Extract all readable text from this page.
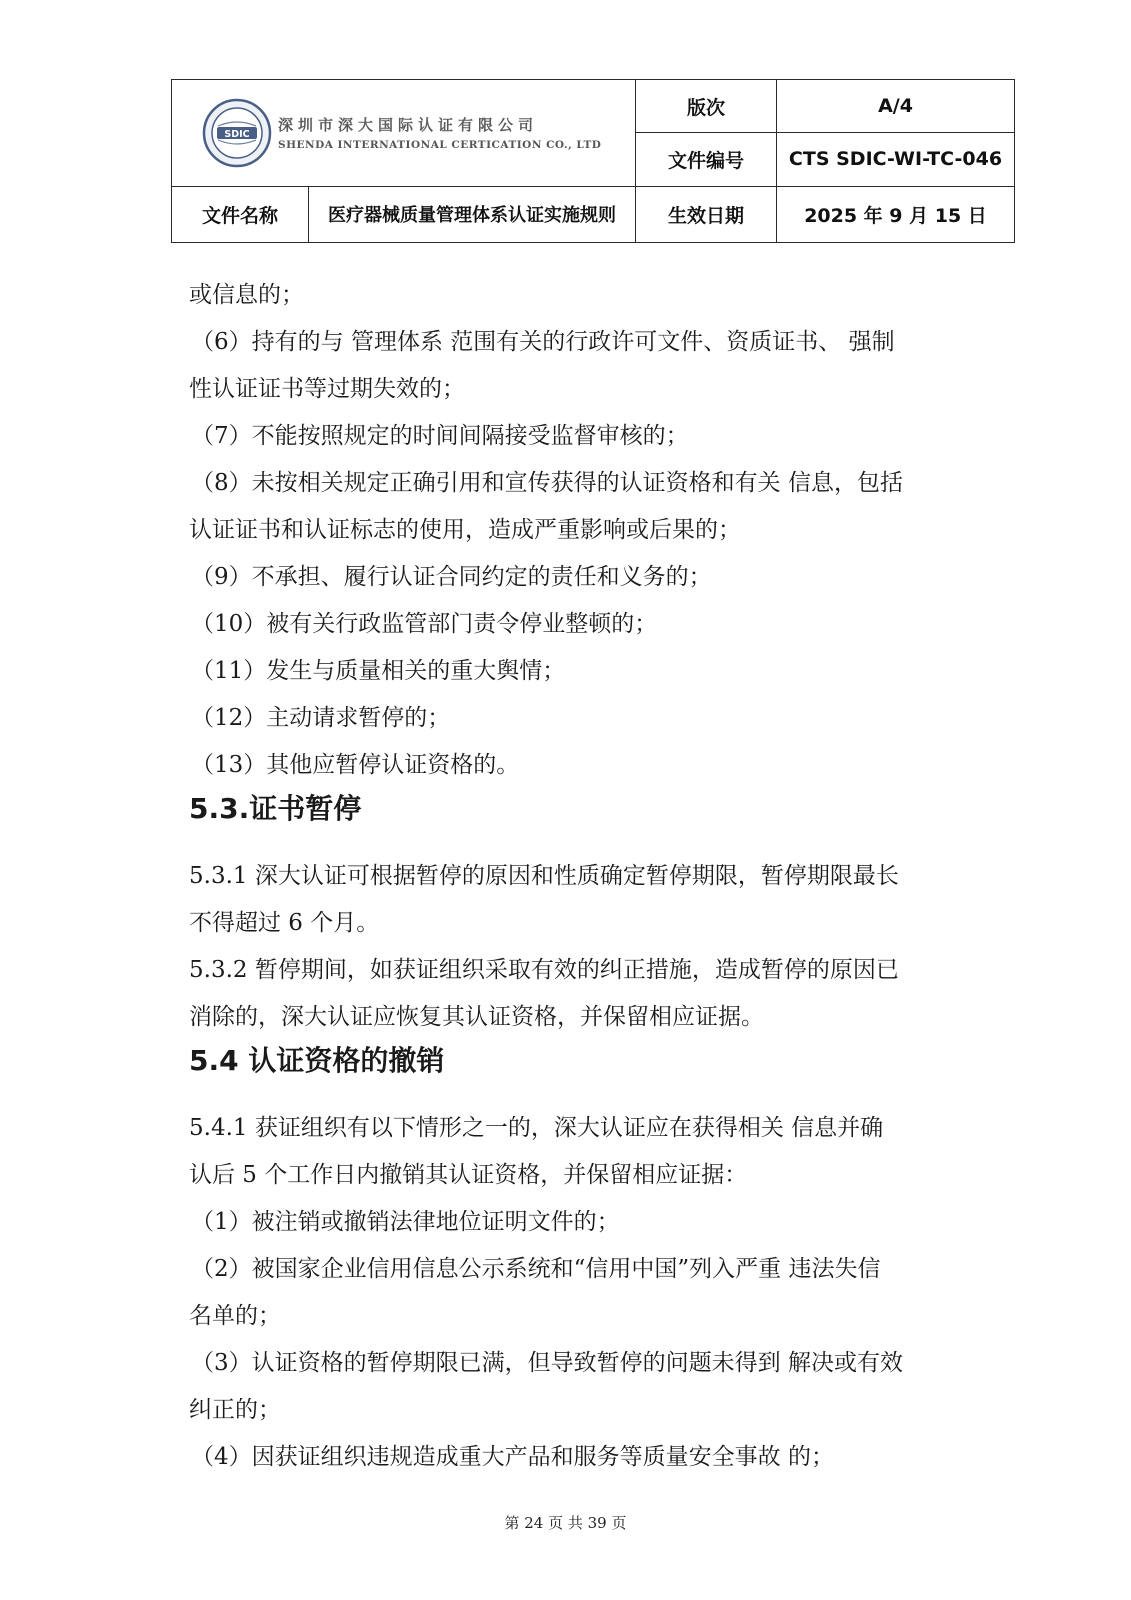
SDIC 深圳市深大国际认证有限公司
SHENDA INTERNATIONAL CERTICATION CO., LTD		版次	A/4
		文件编号	CTS SDIC-WI-TC-046
文件名称	医疗器械质量管理体系认证实施规则	生效日期	2025 年 9 月 15 日

或信息的；

（6）持有的与 管理体系 范围有关的行政许可文件、资质证书、 强制

性认证证书等过期失效的；

（7）不能按照规定的时间间隔接受监督审核的；

（8）未按相关规定正确引用和宣传获得的认证资格和有关 信息，包括

认证证书和认证标志的使用，造成严重影响或后果的；

（9）不承担、履行认证合同约定的责任和义务的；

（10）被有关行政监管部门责令停业整顿的；

（11）发生与质量相关的重大舆情；

（12）主动请求暂停的；

（13）其他应暂停认证资格的。

5.3.证书暂停

5.3.1 深大认证可根据暂停的原因和性质确定暂停期限，暂停期限最长

不得超过 6 个月。

5.3.2 暂停期间，如获证组织采取有效的纠正措施，造成暂停的原因已

消除的，深大认证应恢复其认证资格，并保留相应证据。

5.4 认证资格的撤销

5.4.1 获证组织有以下情形之一的，深大认证应在获得相关 信息并确

认后 5 个工作日内撤销其认证资格，并保留相应证据：

（1）被注销或撤销法律地位证明文件的；

（2）被国家企业信用信息公示系统和“信用中国”列入严重 违法失信

名单的；

（3）认证资格的暂停期限已满，但导致暂停的问题未得到 解决或有效

纠正的；

（4）因获证组织违规造成重大产品和服务等质量安全事故 的；

第 24 页 共 39 页
